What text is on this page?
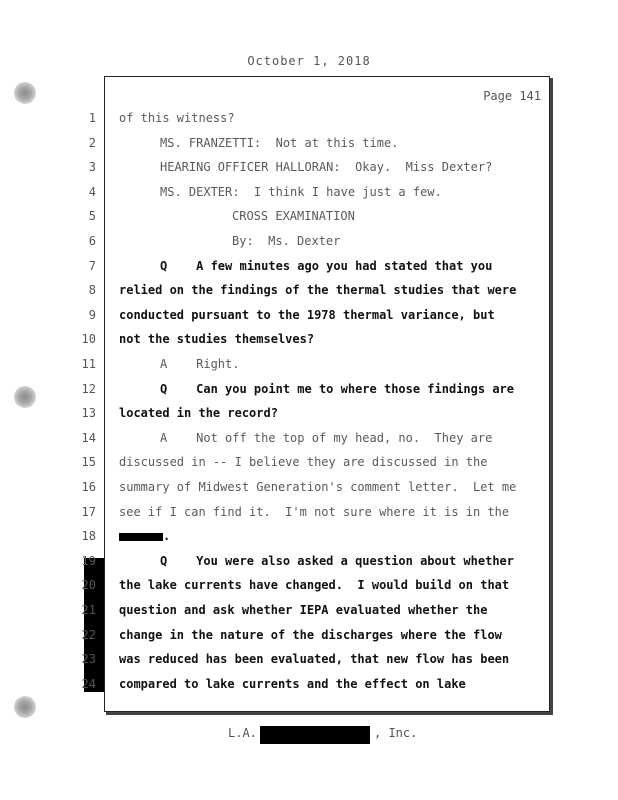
October 1, 2018
Page 141
1 of this witness?
2	MS. FRANZETTI:  Not at this time.
3	HEARING OFFICER HALLORAN:  Okay.  Miss Dexter?
4	MS. DEXTER:  I think I have just a few.
5	CROSS EXAMINATION
6	By:  Ms. Dexter
7	Q    A few minutes ago you had stated that you
8 relied on the findings of the thermal studies that were
9 conducted pursuant to the 1978 thermal variance, but
10 not the studies themselves?
11	A    Right.
12	Q    Can you point me to where those findings are
13 located in the record?
14	A    Not off the top of my head, no.  They are
15 discussed in -- I believe they are discussed in the
16 summary of Midwest Generation's comment letter.  Let me
17 see if I can find it.  I'm not sure where it is in the
18	.
19	Q    You were also asked a question about whether
20 the lake currents have changed.  I would build on that
21 question and ask whether IEPA evaluated whether the
22 change in the nature of the discharges where the flow
23 was reduced has been evaluated, that new flow has been
24 compared to lake currents and the effect on lake
L.A.	, Inc.
